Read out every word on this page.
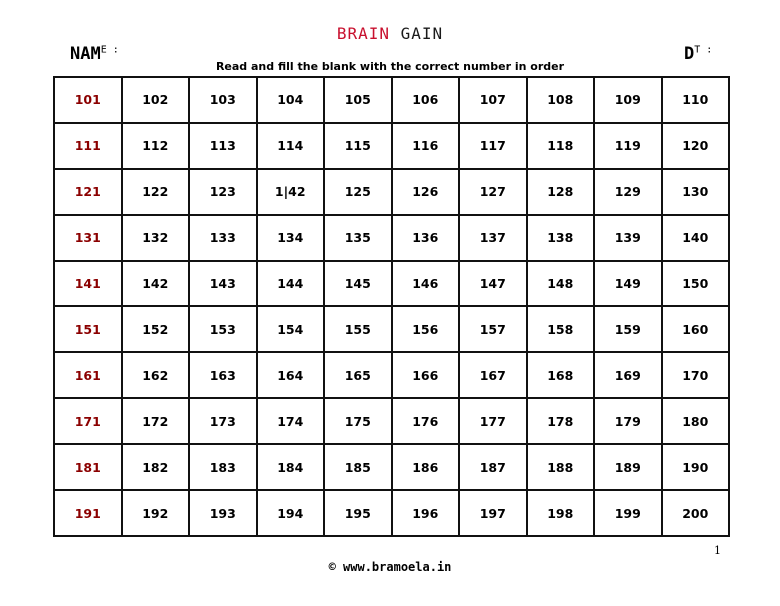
BRAIN GAIN
$NAM^{E :}$	$D^{T :}$
Read and fill the blank with the correct number in order
101	102	103	104	105	106	107	108	109	110
111	112	113	114	115	116	117	118	119	120
121	122	123	1|42	125	126	127	128	129	130
131	132	133	134	135	136	137	138	139	140
141	142	143	144	145	146	147	148	149	150
151	152	153	154	155	156	157	158	159	160
161	162	163	164	165	166	167	168	169	170
171	172	173	174	175	176	177	178	179	180
181	182	183	184	185	186	187	188	189	190
191	192	193	194	195	196	197	198	199	200
1
© www.bramoela.in
